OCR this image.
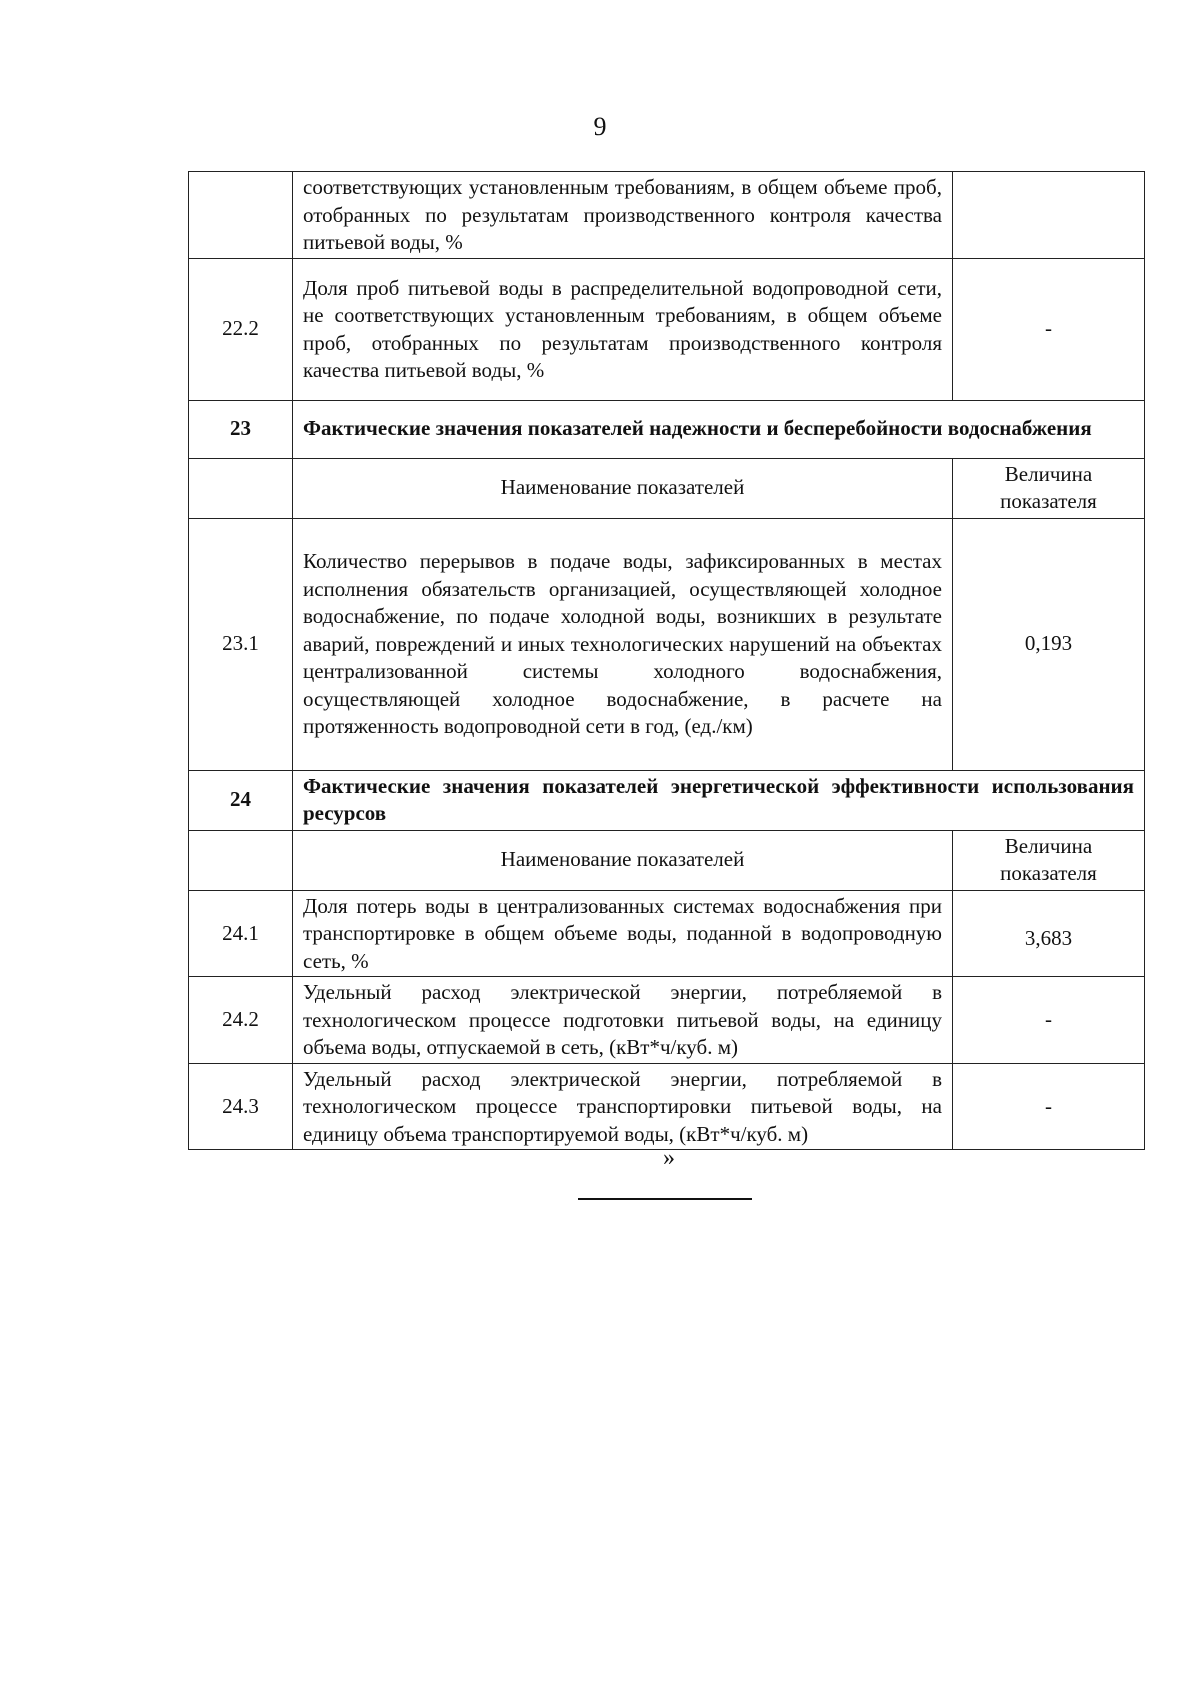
9
	соответствующих установленным требованиям, в общем объеме проб, отобранных по результатам производственного контроля качества питьевой воды, %	
22.2	Доля проб питьевой воды в распределительной водопроводной сети, не соответствующих установленным требованиям, в общем объеме проб, отобранных по результатам производственного контроля качества питьевой воды, %	-
23	Фактические значения показателей надежности и бесперебойности водоснабжения	
	Наименование показателей	Величина показателя
23.1	Количество перерывов в подаче воды, зафиксированных в местах исполнения обязательств организацией, осуществляющей холодное водоснабжение, по подаче холодной воды, возникших в результате аварий, повреждений и иных технологических нарушений на объектах централизованной системы холодного водоснабжения, осуществляющей холодное водоснабжение, в расчете на протяженность водопроводной сети в год, (ед./км)	0,193
24	Фактические значения показателей энергетической эффективности использования ресурсов	
	Наименование показателей	Величина показателя
24.1	Доля потерь воды в централизованных системах водоснабжения при транспортировке в общем объеме воды, поданной в водопроводную сеть, %	3,683
24.2	Удельный расход электрической энергии, потребляемой в технологическом процессе подготовки питьевой воды, на единицу объема воды, отпускаемой в сеть, (кВт*ч/куб. м)	-
24.3	Удельный расход электрической энергии, потребляемой в технологическом процессе транспортировки питьевой воды, на единицу объема транспортируемой воды, (кВт*ч/куб. м)	-
»
